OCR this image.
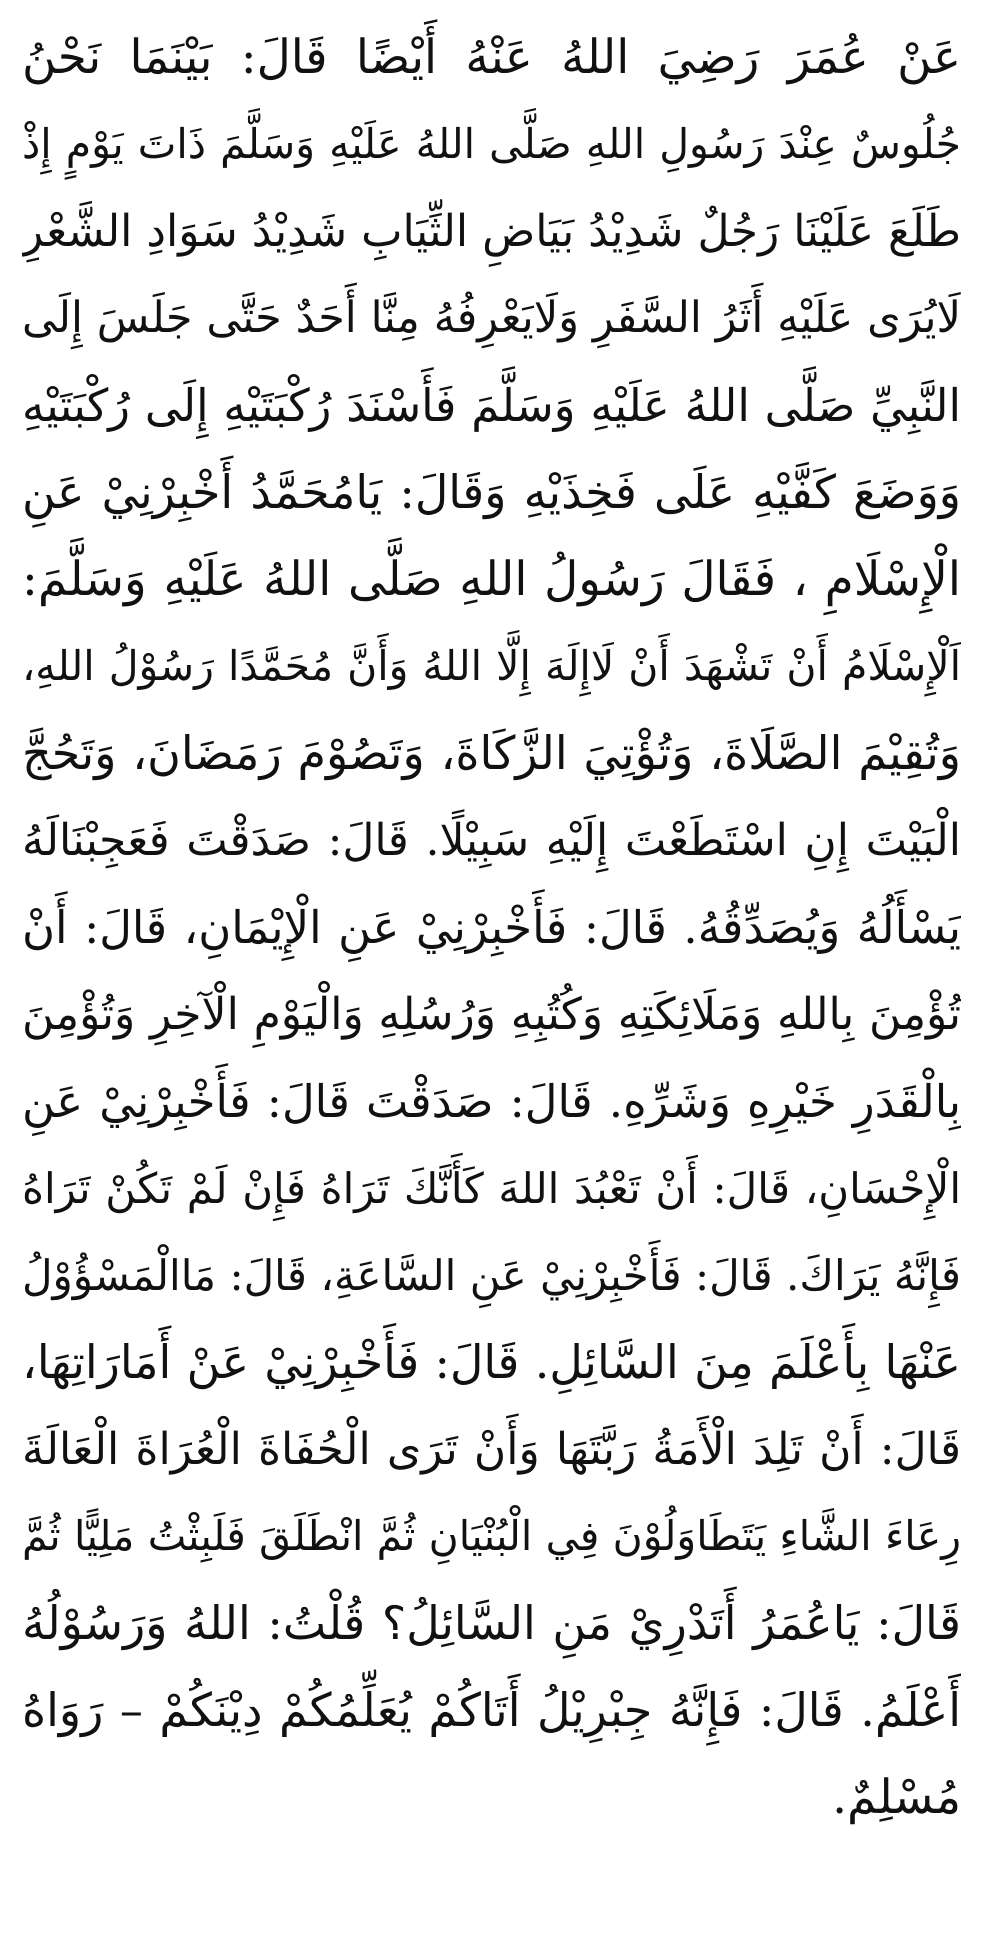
عَنْ عُمَرَ رَضِيَ اللهُ عَنْهُ أَيْضًا قَالَ: بَيْنَمَا نَحْنُ
جُلُوسٌ عِنْدَ رَسُولِ اللهِ صَلَّى اللهُ عَلَيْهِ وَسَلَّمَ ذَاتَ يَوْمٍ إِذْ
طَلَعَ عَلَيْنَا رَجُلٌ شَدِيْدُ بَيَاضِ الثِّيَابِ شَدِيْدُ سَوَادِ الشَّعْرِ
لَايُرَى عَلَيْهِ أَثَرُ السَّفَرِ وَلَايَعْرِفُهُ مِنَّا أَحَدٌ حَتَّى جَلَسَ إِلَى
النَّبِيِّ صَلَّى اللهُ عَلَيْهِ وَسَلَّمَ فَأَسْنَدَ رُكْبَتَيْهِ إِلَى رُكْبَتَيْهِ
وَوَضَعَ كَفَّيْهِ عَلَى فَخِذَيْهِ وَقَالَ: يَامُحَمَّدُ أَخْبِرْنِيْ عَنِ
الْإِسْلَامِ ، فَقَالَ رَسُولُ اللهِ صَلَّى اللهُ عَلَيْهِ وَسَلَّمَ:
اَلْإِسْلَامُ أَنْ تَشْهَدَ أَنْ لَاإِلَهَ إِلَّا اللهُ وَأَنَّ مُحَمَّدًا رَسُوْلُ اللهِ،
وَتُقِيْمَ الصَّلَاةَ، وَتُؤْتِيَ الزَّكَاةَ، وَتَصُوْمَ رَمَضَانَ، وَتَحُجَّ
الْبَيْتَ إِنِ اسْتَطَعْتَ إِلَيْهِ سَبِيْلًا. قَالَ: صَدَقْتَ فَعَجِبْنَالَهُ
يَسْأَلُهُ وَيُصَدِّقُهُ. قَالَ: فَأَخْبِرْنِيْ عَنِ الْإِيْمَانِ، قَالَ: أَنْ
تُؤْمِنَ بِاللهِ وَمَلَائِكَتِهِ وَكُتُبِهِ وَرُسُلِهِ وَالْيَوْمِ الْآخِرِ وَتُؤْمِنَ
بِالْقَدَرِ خَيْرِهِ وَشَرِّهِ. قَالَ: صَدَقْتَ قَالَ: فَأَخْبِرْنِيْ عَنِ
الْإِحْسَانِ، قَالَ: أَنْ تَعْبُدَ اللهَ كَأَنَّكَ تَرَاهُ فَإِنْ لَمْ تَكُنْ تَرَاهُ
فَإِنَّهُ يَرَاكَ. قَالَ: فَأَخْبِرْنِيْ عَنِ السَّاعَةِ، قَالَ: مَاالْمَسْؤُوْلُ
عَنْهَا بِأَعْلَمَ مِنَ السَّائِلِ. قَالَ: فَأَخْبِرْنِيْ عَنْ أَمَارَاتِهَا،
قَالَ: أَنْ تَلِدَ الْأَمَةُ رَبَّتَهَا وَأَنْ تَرَى الْحُفَاةَ الْعُرَاةَ الْعَالَةَ
رِعَاءَ الشَّاءِ يَتَطَاوَلُوْنَ فِي الْبُنْيَانِ ثُمَّ انْطَلَقَ فَلَبِثْتُ مَلِيًّا ثُمَّ
قَالَ: يَاعُمَرُ أَتَدْرِيْ مَنِ السَّائِلُ؟ قُلْتُ: اللهُ وَرَسُوْلُهُ
أَعْلَمُ. قَالَ: فَإِنَّهُ جِبْرِيْلُ أَتَاكُمْ يُعَلِّمُكُمْ دِيْنَكُمْ – رَوَاهُ
مُسْلِمٌ.
